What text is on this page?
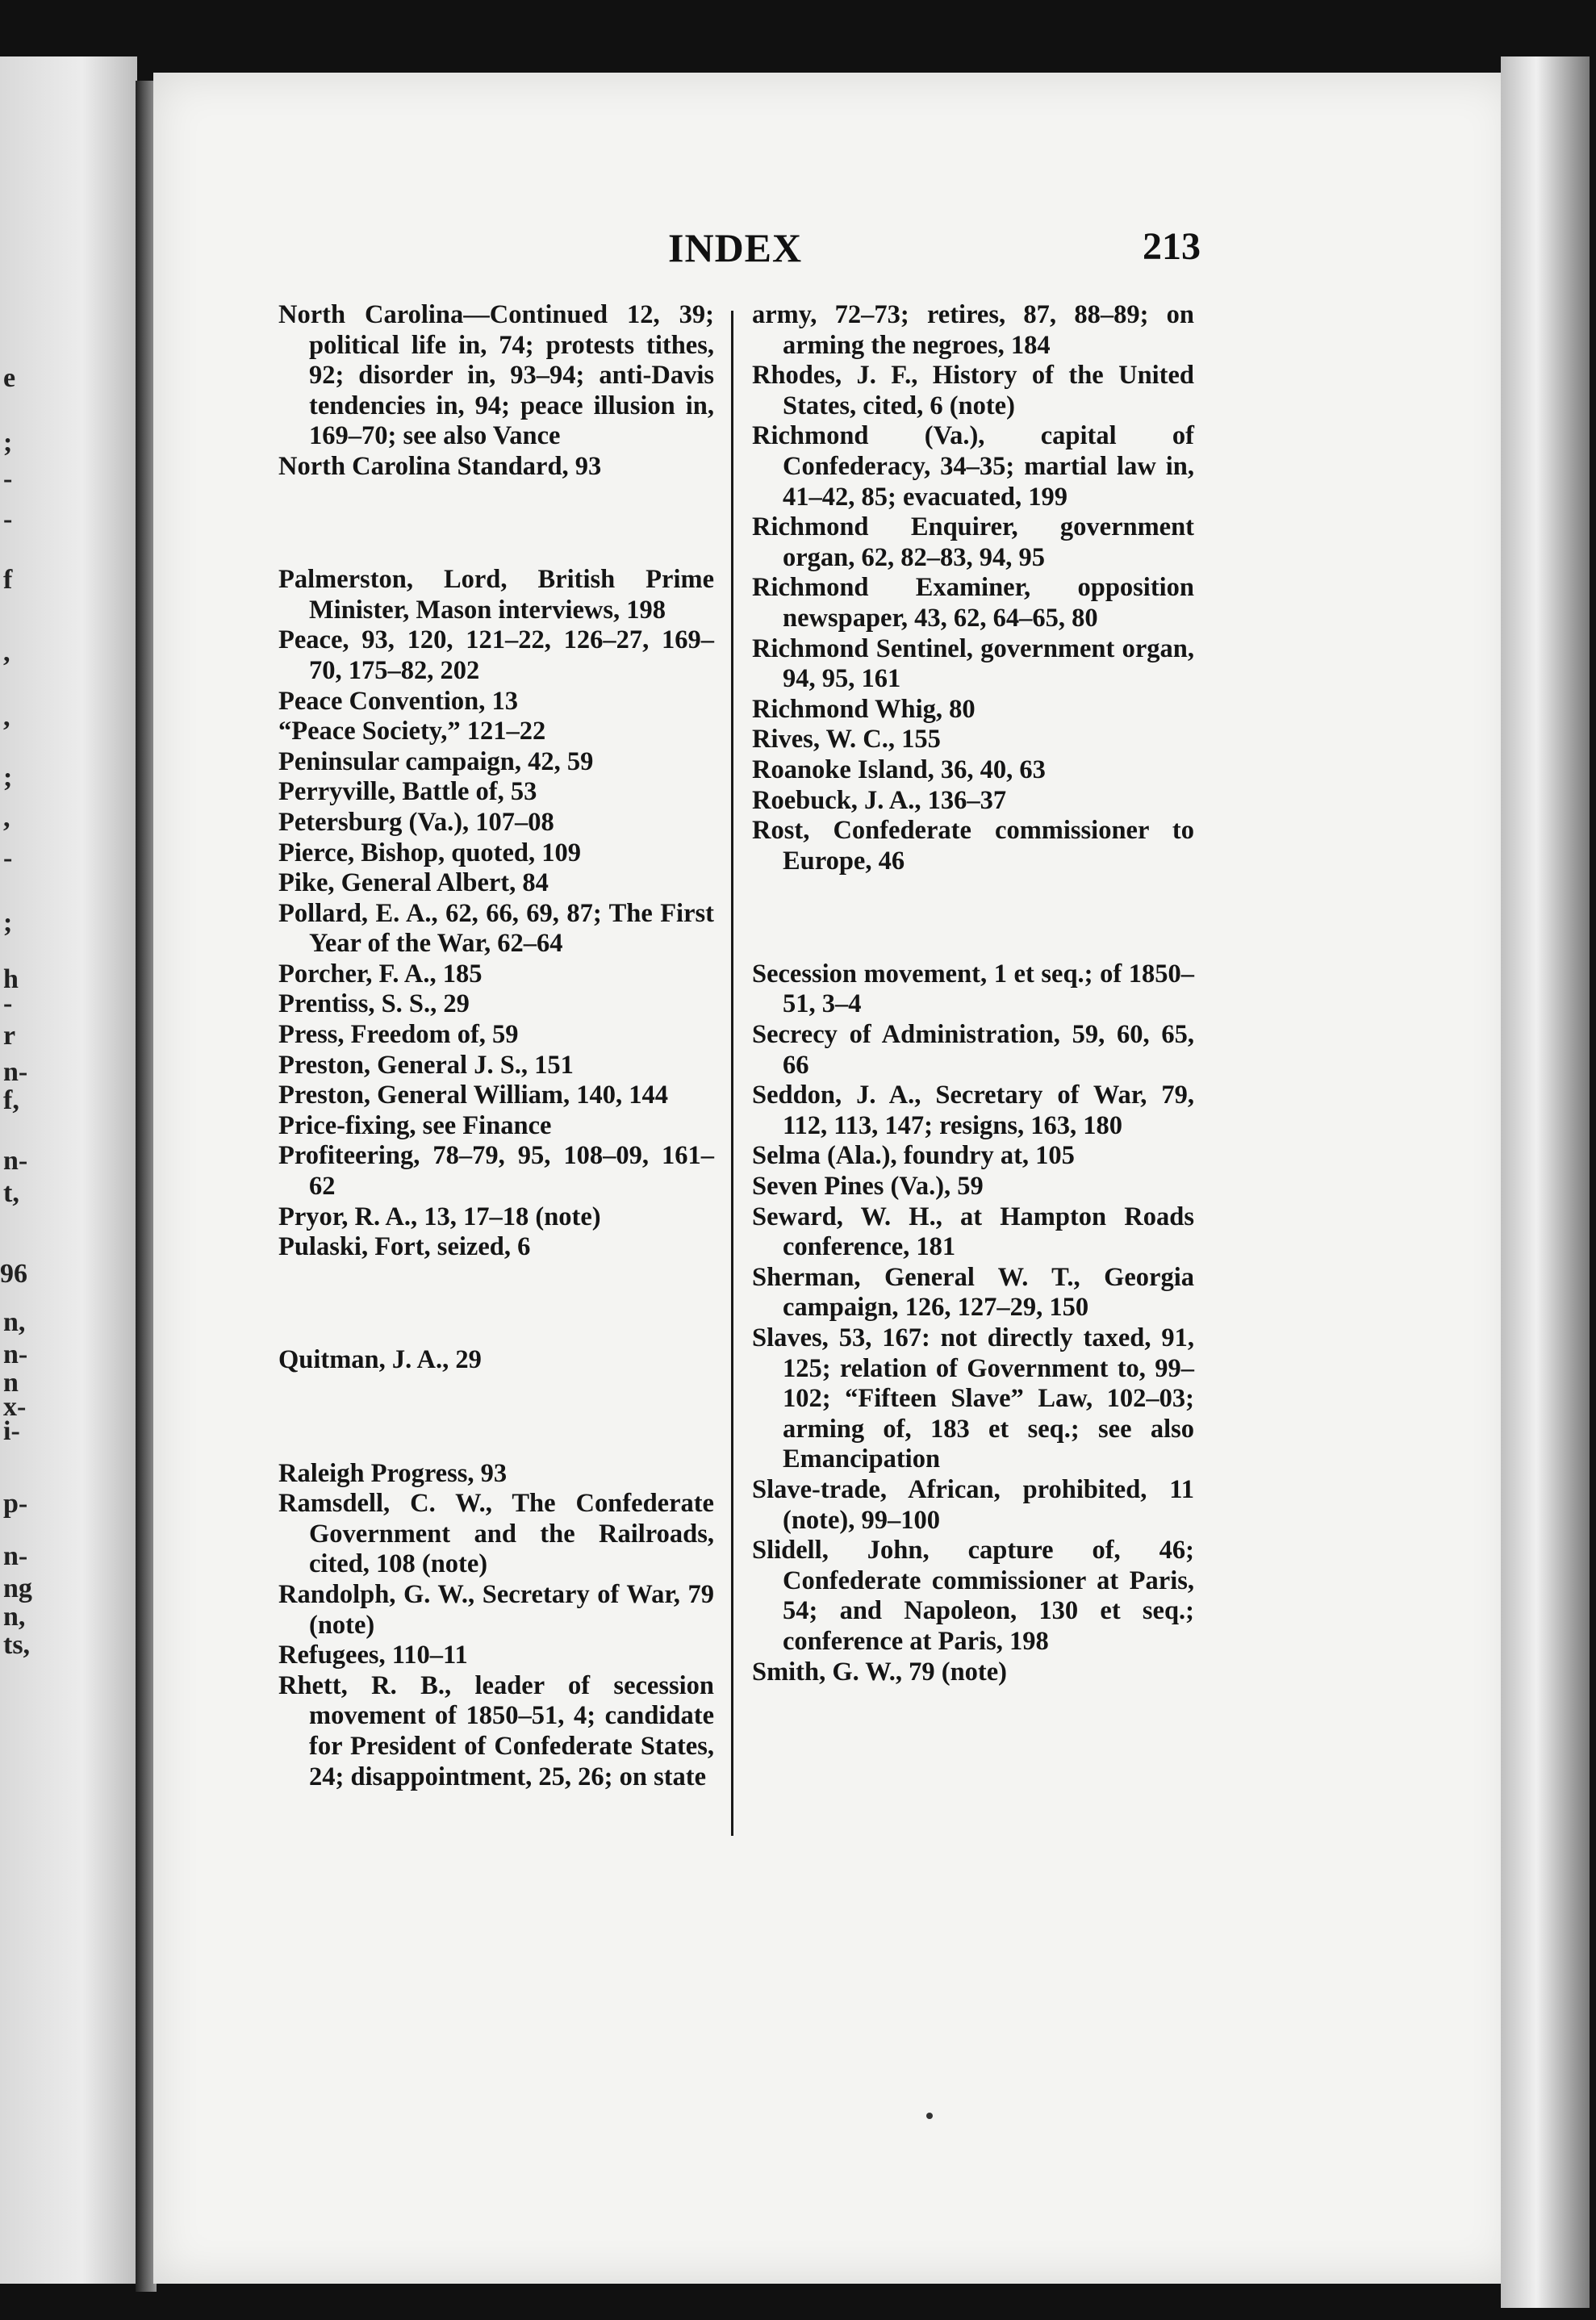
e
;
-
-
f
,
,
;
,
-
;
h
-
r
n-
f,
n-
t,
96
n,
n-
n
x-
i-
p-
n-
ng
n,
ts,
INDEX	213

North Carolina—Continued 12, 39; political life in, 74; protests tithes, 92; disorder in, 93–94; anti-Davis tendencies in, 94; peace illusion in, 169–70; see also Vance

North Carolina Standard, 93

Palmerston, Lord, British Prime Minister, Mason interviews, 198

Peace, 93, 120, 121–22, 126–27, 169–70, 175–82, 202

Peace Convention, 13

“Peace Society,” 121–22

Peninsular campaign, 42, 59

Perryville, Battle of, 53

Petersburg (Va.), 107–08

Pierce, Bishop, quoted, 109

Pike, General Albert, 84

Pollard, E. A., 62, 66, 69, 87; The First Year of the War, 62–64

Porcher, F. A., 185

Prentiss, S. S., 29

Press, Freedom of, 59

Preston, General J. S., 151

Preston, General William, 140, 144

Price-fixing, see Finance

Profiteering, 78–79, 95, 108–09, 161–62

Pryor, R. A., 13, 17–18 (note)

Pulaski, Fort, seized, 6

Quitman, J. A., 29

Raleigh Progress, 93

Ramsdell, C. W., The Confederate Government and the Railroads, cited, 108 (note)

Randolph, G. W., Secretary of War, 79 (note)

Refugees, 110–11

Rhett, R. B., leader of secession movement of 1850–51, 4; candidate for President of Confederate States, 24; disappointment, 25, 26; on state

army, 72–73; retires, 87, 88–89; on arming the negroes, 184

Rhodes, J. F., History of the United States, cited, 6 (note)

Richmond (Va.), capital of Confederacy, 34–35; martial law in, 41–42, 85; evacuated, 199

Richmond Enquirer, government organ, 62, 82–83, 94, 95

Richmond Examiner, opposition newspaper, 43, 62, 64–65, 80

Richmond Sentinel, government organ, 94, 95, 161

Richmond Whig, 80

Rives, W. C., 155

Roanoke Island, 36, 40, 63

Roebuck, J. A., 136–37

Rost, Confederate commissioner to Europe, 46

Secession movement, 1 et seq.; of 1850–51, 3–4

Secrecy of Administration, 59, 60, 65, 66

Seddon, J. A., Secretary of War, 79, 112, 113, 147; resigns, 163, 180

Selma (Ala.), foundry at, 105

Seven Pines (Va.), 59

Seward, W. H., at Hampton Roads conference, 181

Sherman, General W. T., Georgia campaign, 126, 127–29, 150

Slaves, 53, 167: not directly taxed, 91, 125; relation of Government to, 99–102; “Fifteen Slave” Law, 102–03; arming of, 183 et seq.; see also Emancipation

Slave-trade, African, prohibited, 11 (note), 99–100

Slidell, John, capture of, 46; Confederate commissioner at Paris, 54; and Napoleon, 130 et seq.; conference at Paris, 198

Smith, G. W., 79 (note)
